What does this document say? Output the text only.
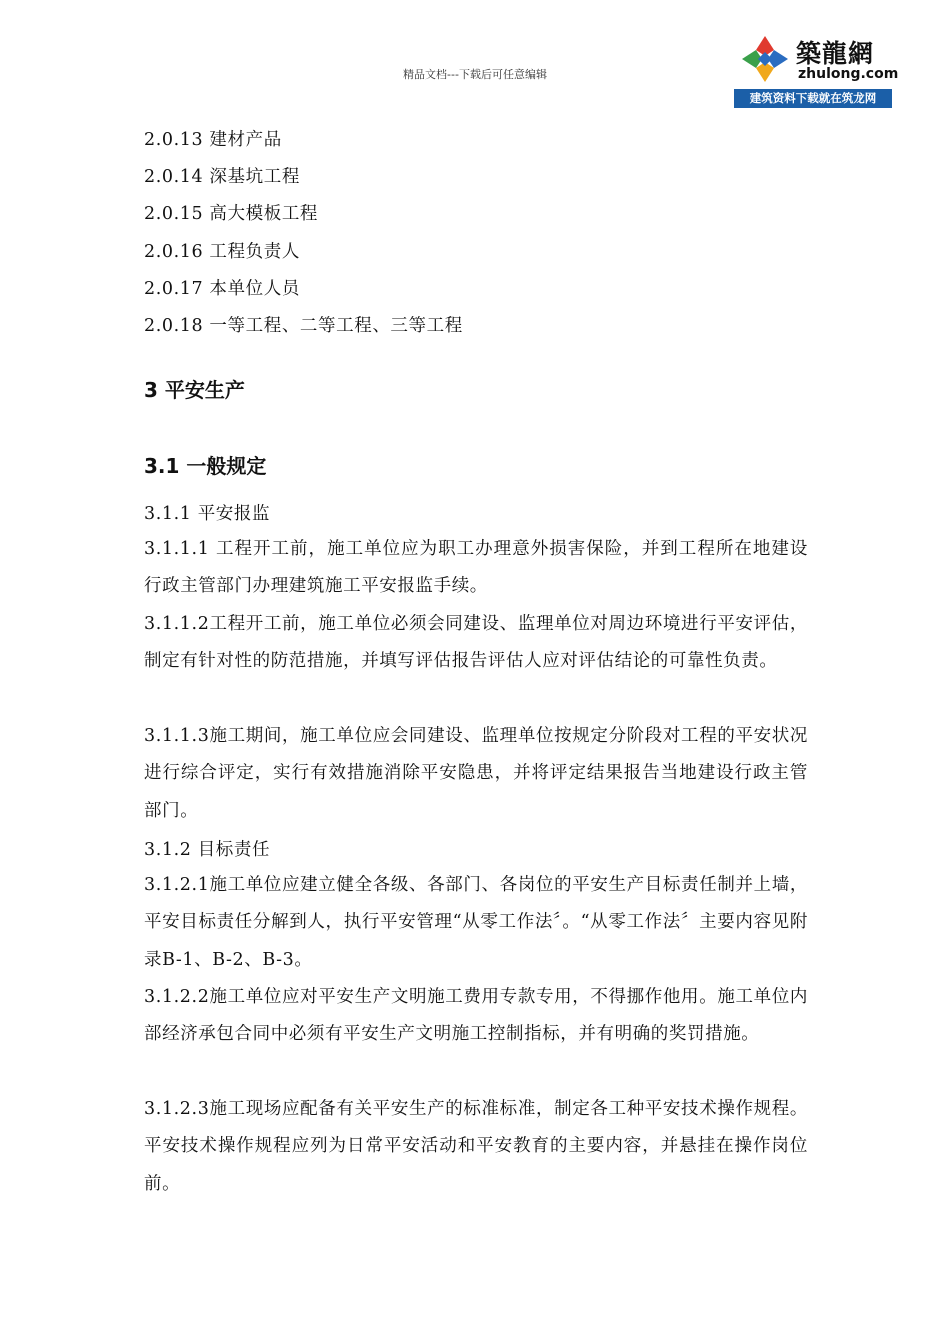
精品文档---下载后可任意编辑
築龍網
zhulong.com
建筑资料下载就在筑龙网
2.0.13 建材产品
2.0.14 深基坑工程
2.0.15 高大模板工程
2.0.16 工程负责人
2.0.17 本单位人员
2.0.18 一等工程、二等工程、三等工程
3 平安生产
3.1 一般规定
3.1.1 平安报监
3.1.1.1 工程开工前，施工单位应为职工办理意外损害保险，并到工程所在地建设行政主管部门办理建筑施工平安报监手续。
3.1.1.2工程开工前，施工单位必须会同建设、监理单位对周边环境进行平安评估，制定有针对性的防范措施，并填写评估报告评估人应对评估结论的可靠性负责。
3.1.1.3施工期间，施工单位应会同建设、监理单位按规定分阶段对工程的平安状况进行综合评定，实行有效措施消除平安隐患，并将评定结果报告当地建设行政主管部门。
3.1.2 目标责任
3.1.2.1施工单位应建立健全各级、各部门、各岗位的平安生产目标责任制并上墙，平安目标责任分解到人，执行平安管理“从零工作法〞。“从零工作法〞主要内容见附录B-1、B-2、B-3。
3.1.2.2施工单位应对平安生产文明施工费用专款专用，不得挪作他用。施工单位内部经济承包合同中必须有平安生产文明施工控制指标，并有明确的奖罚措施。
3.1.2.3施工现场应配备有关平安生产的标准标准，制定各工种平安技术操作规程。平安技术操作规程应列为日常平安活动和平安教育的主要内容，并悬挂在操作岗位前。
